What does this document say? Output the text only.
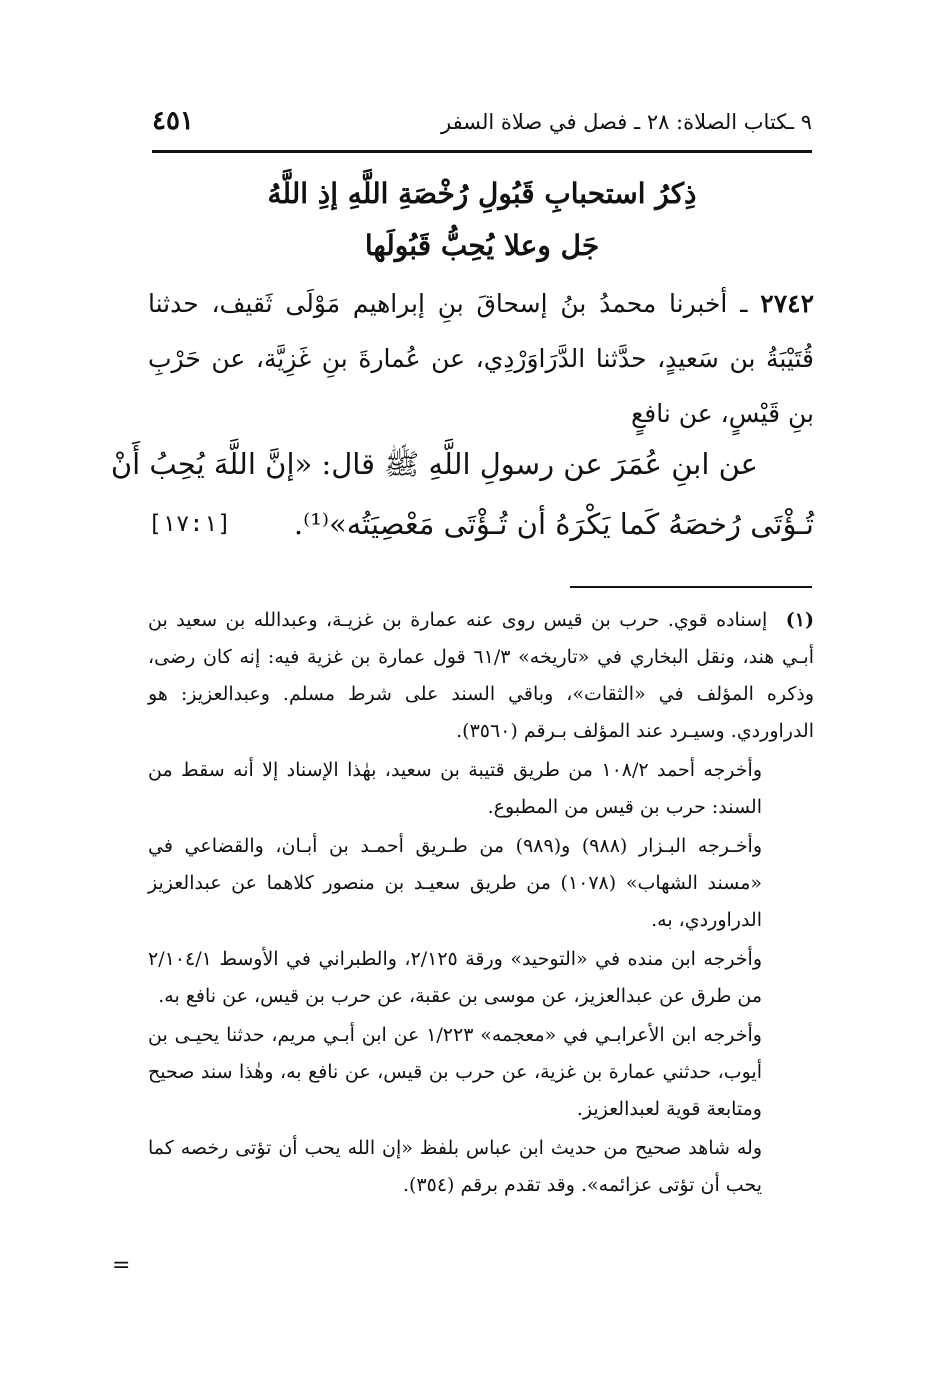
٩ ـكتاب الصلاة: ٢٨ ـ فصل في صلاة السفر
٤٥١
ذِكرُ استحبابِ قَبُولِ رُخْصَةِ اللَّهِ إذِ اللَّهُ
جَل وعلا يُحِبُّ قَبُولَها
٢٧٤٢ ـ أخبرنا محمدُ بنُ إسحاقَ بنِ إبراهيم مَوْلَى ثَقيف، حدثنا قُتَيْبَةُ بن سَعيدٍ، حدَّثنا الدَّرَاوَرْدِي، عن عُمارةَ بنِ غَزِيَّة، عن حَرْبِ بنِ قَيْسٍ، عن نافعٍ
عن ابنِ عُمَرَ عن رسولِ اللَّهِ ﷺ قال: «إنَّ اللَّهَ يُحِبُ أَنْ
تُـؤْتَى رُخصَهُ كَما يَكْرَهُ أن تُـؤْتَى مَعْصِيَتُه»⁽¹⁾.
[١٧:١]

(١) إسناده قوي. حرب بن قيس روى عنه عمارة بن غزيـة، وعبدالله بن سعيد بن أبـي هند، ونقل البخاري في «تاريخه» ٦١/٣ قول عمارة بن غزية فيه: إنه كان رضى، وذكره المؤلف في «الثقات»، وباقي السند على شرط مسلم. وعبدالعزيز: هو الدراوردي. وسيـرد عند المؤلف بـرقم (٣٥٦٠).

وأخرجه أحمد ١٠٨/٢ من طريق قتيبة بن سعيد، بهٰذا الإسناد إلا أنه سقط من السند: حرب بن قيس من المطبوع.

وأخـرجه البـزار (٩٨٨) و(٩٨٩) من طـريق أحمـد بن أبـان، والقضاعي في «مسند الشهاب» (١٠٧٨) من طريق سعيـد بن منصور كلاهما عن عبدالعزيز الدراوردي، به.

وأخرجه ابن منده في «التوحيد» ورقة ٢/١٢٥، والطبراني في الأوسط ٢/١٠٤/١ من طرق عن عبدالعزيز، عن موسى بن عقبة، عن حرب بن قيس، عن نافع به.

وأخرجه ابن الأعرابـي في «معجمه» ١/٢٢٣ عن ابن أبـي مريم، حدثنا يحيـى بن أيوب، حدثني عمارة بن غزية، عن حرب بن قيس، عن نافع به، وهٰذا سند صحيح ومتابعة قوية لعبدالعزيز.

وله شاهد صحيح من حديث ابن عباس بلفظ «إن الله يحب أن تؤتى رخصه كما يحب أن تؤتى عزائمه». وقد تقدم برقم (٣٥٤).

=
